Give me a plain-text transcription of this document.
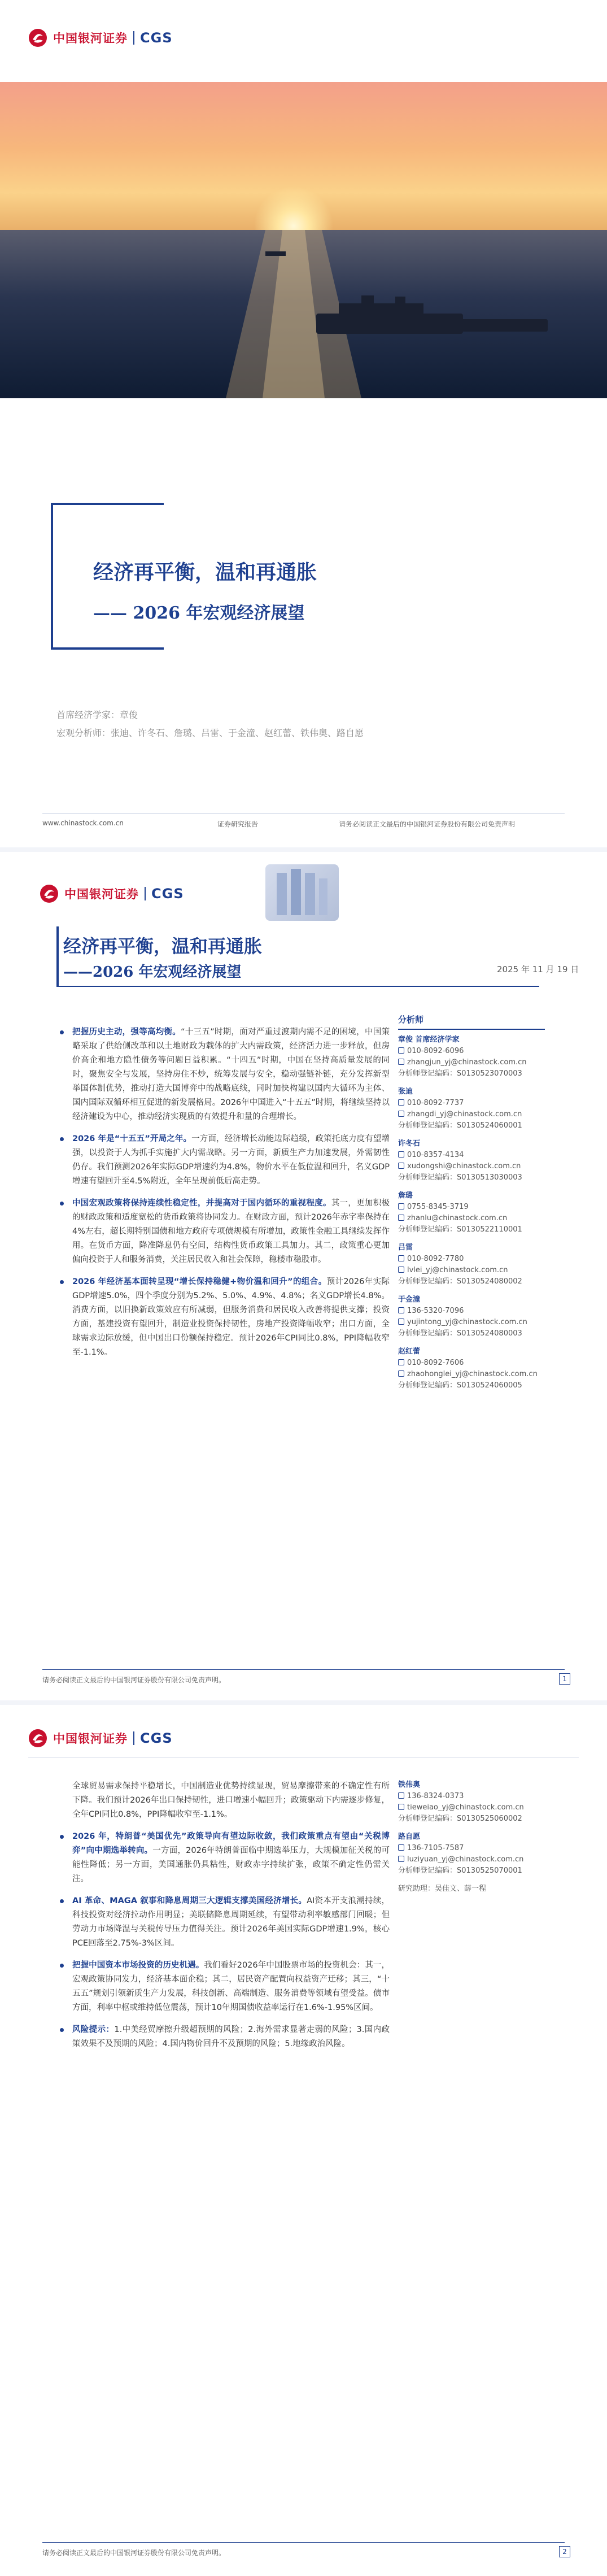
中国银河证券 CGS
经济再平衡，温和再通胀
—— 2026 年宏观经济展望
首席经济学家：章俊
宏观分析师：张迪、许冬石、詹璐、吕雷、于金潼、赵红蕾、铁伟奥、路自愿
www.chinastock.com.cn	证券研究报告	请务必阅读正文最后的中国银河证券股份有限公司免责声明
中国银河证券 CGS
经济再平衡，温和再通胀
——2026 年宏观经济展望	2025 年 11 月 19 日
把握历史主动，强等高均衡。“十三五”时期，面对严重过渡期内需不足的困境，中国策略采取了供给侧改革和以土地财政为载体的扩大内需政策，经济活力进一步释放，但房价高企和地方隐性债务等问题日益积累。“十四五”时期，中国在坚持高质量发展的同时，聚焦安全与发展，坚持房住不炒，统筹发展与安全，稳动强链补链，充分发挥新型举国体制优势，推动打造大国博弈中的战略底线，同时加快构建以国内大循环为主体、国内国际双循环相互促进的新发展格局。2026年中国进入“十五五”时期，将继续坚持以经济建设为中心，推动经济实现质的有效提升和量的合理增长。
2026 年是“十五五”开局之年。一方面，经济增长动能边际趋缓，政策托底力度有望增强，以投资于人为抓手实施扩大内需战略。另一方面，新质生产力加速发展，外需韧性仍存。我们预测2026年实际GDP增速约为4.8%，物价水平在低位温和回升，名义GDP增速有望回升至4.5%附近，全年呈现前低后高走势。
中国宏观政策将保持连续性稳定性，并提高对于国内循环的重视程度。其一，更加积极的财政政策和适度宽松的货币政策将协同发力。在财政方面，预计2026年赤字率保持在4%左右，超长期特别国债和地方政府专项债规模有所增加，政策性金融工具继续发挥作用。在货币方面，降准降息仍有空间，结构性货币政策工具加力。其二，政策重心更加偏向投资于人和服务消费，关注居民收入和社会保障，稳楼市稳股市。
2026 年经济基本面转呈现“增长保持稳健+物价温和回升”的组合。预计2026年实际GDP增速5.0%，四个季度分别为5.2%、5.0%、4.9%、4.8%；名义GDP增长4.8%。消费方面，以旧换新政策效应有所减弱，但服务消费和居民收入改善将提供支撑；投资方面，基建投资有望回升，制造业投资保持韧性，房地产投资降幅收窄；出口方面，全球需求边际放缓，但中国出口份额保持稳定。预计2026年CPI同比0.8%，PPI降幅收窄至-1.1%。
分析师
章俊 首席经济学家
010-8092-6096
zhangjun_yj@chinastock.com.cn
分析师登记编码：S0130523070003
张迪
010-8092-7737
zhangdi_yj@chinastock.com.cn
分析师登记编码：S0130524060001
许冬石
010-8357-4134
xudongshi@chinastock.com.cn
分析师登记编码：S0130513030003
詹璐
0755-8345-3719
zhanlu@chinastock.com.cn
分析师登记编码：S0130522110001
吕雷
010-8092-7780
lvlei_yj@chinastock.com.cn
分析师登记编码：S0130524080002
于金潼
136-5320-7096
yujintong_yj@chinastock.com.cn
分析师登记编码：S0130524080003
赵红蕾
010-8092-7606
zhaohonglei_yj@chinastock.com.cn
分析师登记编码：S0130524060005
请务必阅读正文最后的中国银河证券股份有限公司免责声明。	1
中国银河证券 CGS
全球贸易需求保持平稳增长，中国制造业优势持续显现，贸易摩擦带来的不确定性有所下降。我们预计2026年出口保持韧性，进口增速小幅回升；政策驱动下内需逐步修复，全年CPI同比0.8%，PPI降幅收窄至-1.1%。
2026 年，特朗普“美国优先”政策导向有望边际收敛，我们政策重点有望由“关税博弈”向中期选举转向。一方面，2026年特朗普面临中期选举压力，大规模加征关税的可能性降低；另一方面，美国通胀仍具粘性，财政赤字持续扩张，政策不确定性仍需关注。
AI 革命、MAGA 叙事和降息周期三大逻辑支撑美国经济增长。AI资本开支浪潮持续，科技投资对经济拉动作用明显；美联储降息周期延续，有望带动利率敏感部门回暖；但劳动力市场降温与关税传导压力值得关注。预计2026年美国实际GDP增速1.9%，核心PCE回落至2.75%-3%区间。
把握中国资本市场投资的历史机遇。我们看好2026年中国股票市场的投资机会：其一，宏观政策协同发力，经济基本面企稳；其二，居民资产配置向权益资产迁移；其三，“十五五”规划引领新质生产力发展，科技创新、高端制造、服务消费等领域有望受益。债市方面，利率中枢或维持低位震荡，预计10年期国债收益率运行在1.6%-1.95%区间。
风险提示：1.中美经贸摩擦升级超预期的风险；2.海外需求显著走弱的风险；3.国内政策效果不及预期的风险；4.国内物价回升不及预期的风险；5.地缘政治风险。
铁伟奥
136-8324-0373
tieweiao_yj@chinastock.com.cn
分析师登记编码：S0130525060002
路自愿
136-7105-7587
luziyuan_yj@chinastock.com.cn
分析师登记编码：S0130525070001
研究助理：吴佳文、薛一程
请务必阅读正文最后的中国银河证券股份有限公司免责声明。	2
